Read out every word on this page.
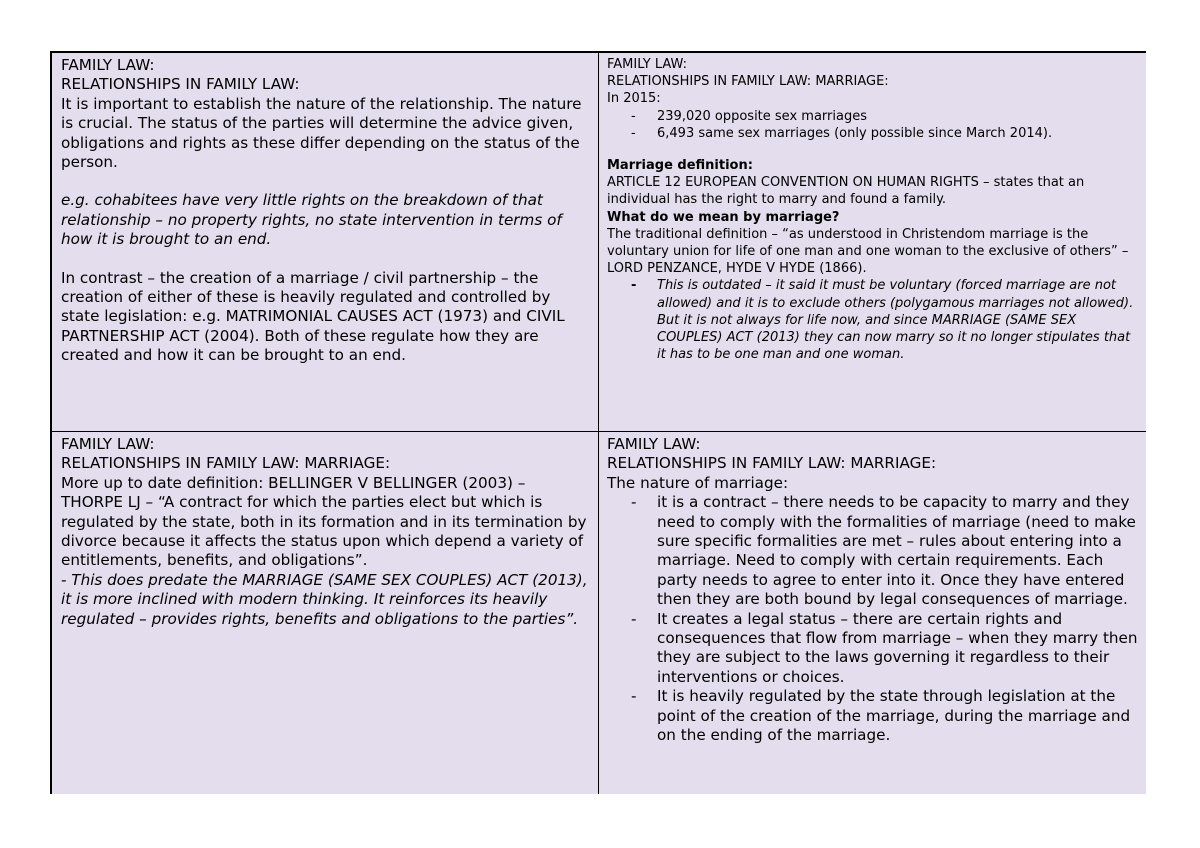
FAMILY LAW:

RELATIONSHIPS IN FAMILY LAW:

It is important to establish the nature of the relationship. The nature is crucial. The status of the parties will determine the advice given, obligations and rights as these differ depending on the status of the person.

e.g. cohabitees have very little rights on the breakdown of that relationship – no property rights, no state intervention in terms of how it is brought to an end.

In contrast – the creation of a marriage / civil partnership – the creation of either of these is heavily regulated and controlled by state legislation: e.g. MATRIMONIAL CAUSES ACT (1973) and CIVIL PARTNERSHIP ACT (2004). Both of these regulate how they are created and how it can be brought to an end.

FAMILY LAW:

RELATIONSHIPS IN FAMILY LAW: MARRIAGE:

In 2015:

- 239,020 opposite sex marriages
- 6,493 same sex marriages (only possible since March 2014).

Marriage definition:

ARTICLE 12 EUROPEAN CONVENTION ON HUMAN RIGHTS – states that an individual has the right to marry and found a family.

What do we mean by marriage?

The traditional definition – “as understood in Christendom marriage is the voluntary union for life of one man and one woman to the exclusive of others” – LORD PENZANCE, HYDE V HYDE (1866).

- This is outdated – it said it must be voluntary (forced marriage are not allowed) and it is to exclude others (polygamous marriages not allowed). But it is not always for life now, and since MARRIAGE (SAME SEX COUPLES) ACT (2013) they can now marry so it no longer stipulates that it has to be one man and one woman.

FAMILY LAW:

RELATIONSHIPS IN FAMILY LAW: MARRIAGE:

More up to date definition: BELLINGER V BELLINGER (2003) – THORPE LJ – “A contract for which the parties elect but which is regulated by the state, both in its formation and in its termination by divorce because it affects the status upon which depend a variety of entitlements, benefits, and obligations”.

- This does predate the MARRIAGE (SAME SEX COUPLES) ACT (2013), it is more inclined with modern thinking. It reinforces its heavily regulated – provides rights, benefits and obligations to the parties”.

FAMILY LAW:

RELATIONSHIPS IN FAMILY LAW: MARRIAGE:

The nature of marriage:

- it is a contract – there needs to be capacity to marry and they need to comply with the formalities of marriage (need to make sure specific formalities are met – rules about entering into a marriage. Need to comply with certain requirements. Each party needs to agree to enter into it. Once they have entered then they are both bound by legal consequences of marriage.
- It creates a legal status – there are certain rights and consequences that flow from marriage – when they marry then they are subject to the laws governing it regardless to their interventions or choices.
- It is heavily regulated by the state through legislation at the point of the creation of the marriage, during the marriage and on the ending of the marriage.
